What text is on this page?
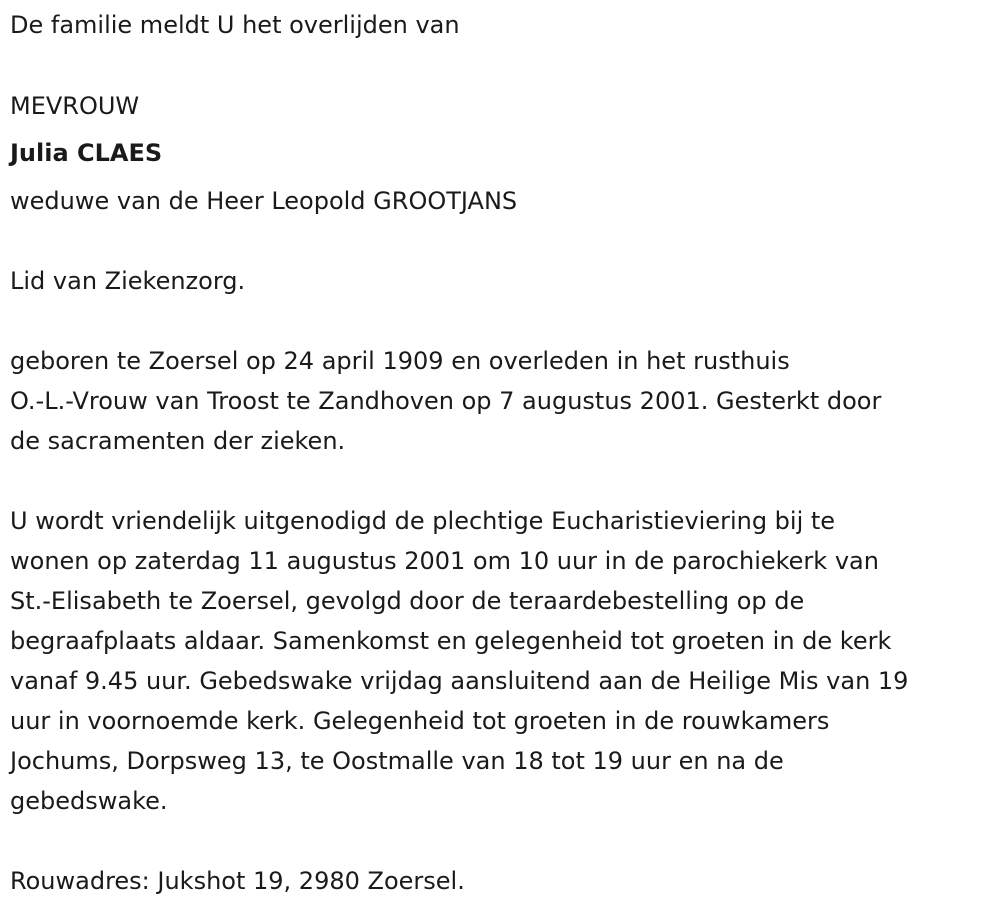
De familie meldt U het overlijden van
MEVROUW
Julia CLAES
weduwe van de Heer Leopold GROOTJANS
Lid van Ziekenzorg.
geboren te Zoersel op 24 april 1909 en overleden in het rusthuis
O.-L.-Vrouw van Troost te Zandhoven op 7 augustus 2001. Gesterkt door
de sacramenten der zieken.
U wordt vriendelijk uitgenodigd de plechtige Eucharistieviering bij te
wonen op zaterdag 11 augustus 2001 om 10 uur in de parochiekerk van
St.-Elisabeth te Zoersel, gevolgd door de teraardebestelling op de
begraafplaats aldaar. Samenkomst en gelegenheid tot groeten in de kerk
vanaf 9.45 uur. Gebedswake vrijdag aansluitend aan de Heilige Mis van 19
uur in voornoemde kerk. Gelegenheid tot groeten in de rouwkamers
Jochums, Dorpsweg 13, te Oostmalle van 18 tot 19 uur en na de
gebedswake.
Rouwadres: Jukshot 19, 2980 Zoersel.
